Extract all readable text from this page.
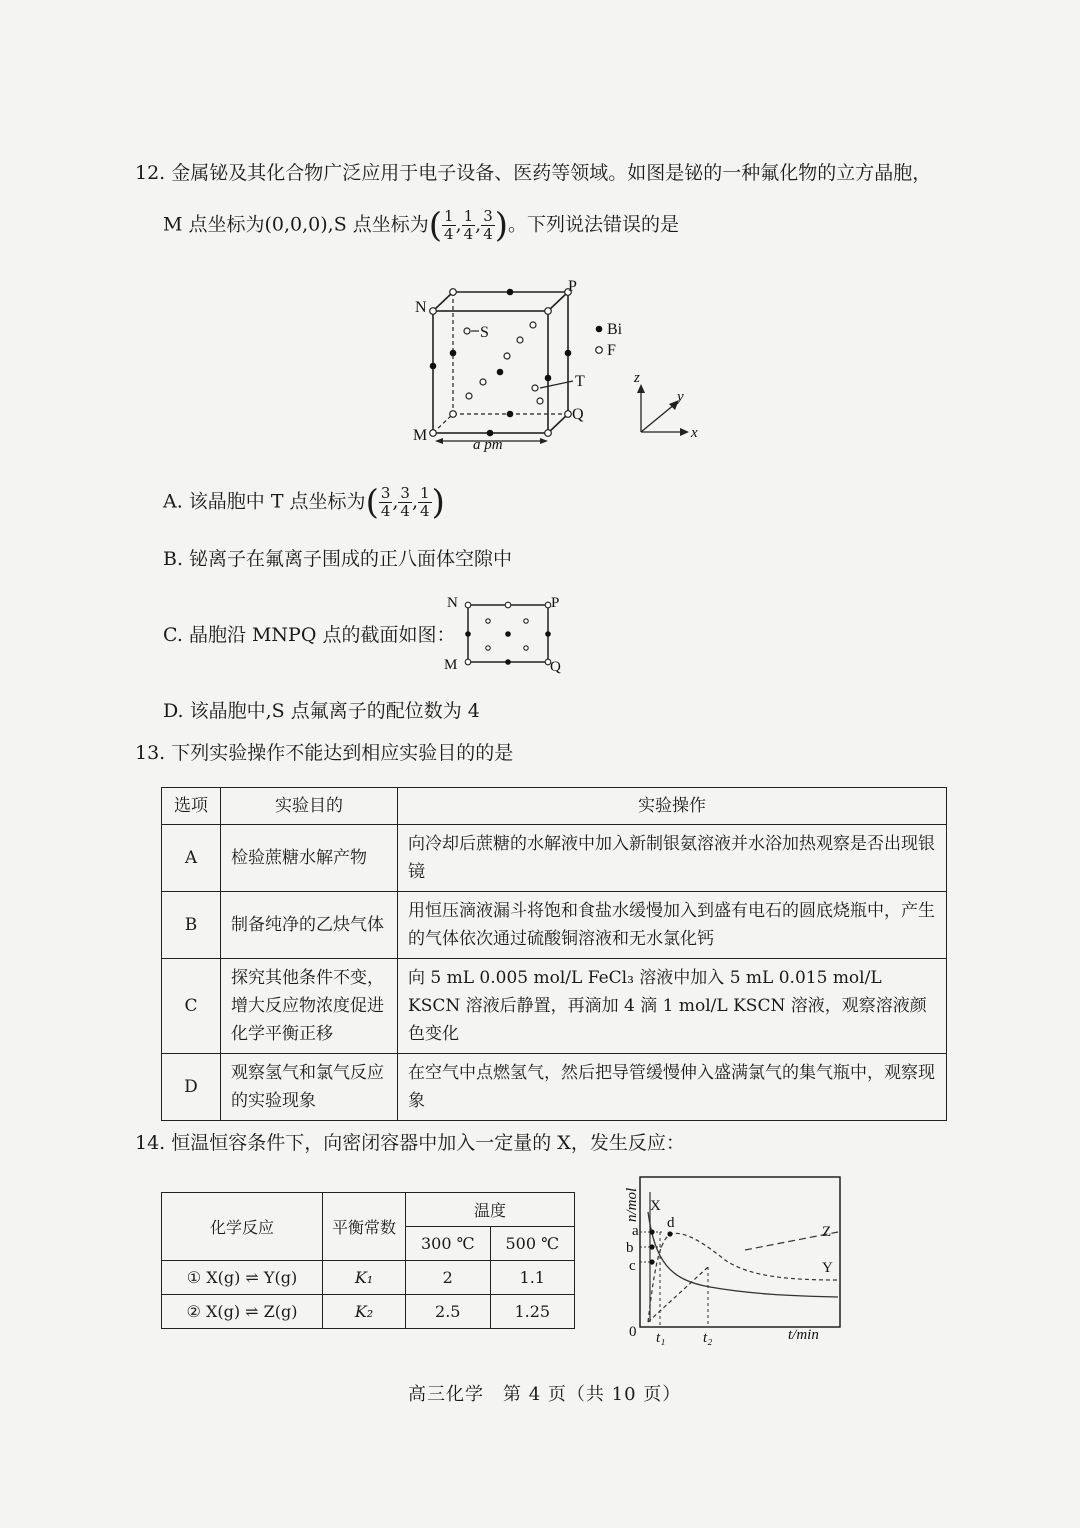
12. 金属铋及其化合物广泛应用于电子设备、医药等领域。如图是铋的一种氟化物的立方晶胞，
M 点坐标为(0,0,0),S 点坐标为( $\frac{1}{4}$ , $\frac{1}{4}$ , $\frac{3}{4}$ )。下列说法错误的是
N
P
M
Q
S
T
a pm
Bi
F
z
y
x
A. 该晶胞中 T 点坐标为( $\frac{3}{4}$ , $\frac{3}{4}$ , $\frac{1}{4}$ )
B. 铋离子在氟离子围成的正八面体空隙中
C. 晶胞沿 MNPQ 点的截面如图：
N	P
M	Q
D. 该晶胞中,S 点氟离子的配位数为 4
13. 下列实验操作不能达到相应实验目的的是
选项	实验目的	实验操作
A	检验蔗糖水解产物	向冷却后蔗糖的水解液中加入新制银氨溶液并水浴加热观察是否出现银镜
B	制备纯净的乙炔气体	用恒压滴液漏斗将饱和食盐水缓慢加入到盛有电石的圆底烧瓶中，产生的气体依次通过硫酸铜溶液和无水氯化钙
C	探究其他条件不变，增大反应物浓度促进化学平衡正移	向 5 mL 0.005 mol/L FeCl₃ 溶液中加入 5 mL 0.015 mol/L KSCN 溶液后静置，再滴加 4 滴 1 mol/L KSCN 溶液，观察溶液颜色变化
D	观察氢气和氯气反应的实验现象	在空气中点燃氢气，然后把导管缓慢伸入盛满氯气的集气瓶中，观察现象
14. 恒温恒容条件下，向密闭容器中加入一定量的 X，发生反应：
化学反应	平衡常数	温度	
		300 ℃	500 ℃
① X(g) ⇌ Y(g)	K₁	2	1.1
② X(g) ⇌ Z(g)	K₂	2.5	1.25
n/mol
t/min
0 t₁	t₂
a
b
c
d
X
Y
Z
高三化学　第 4 页（共 10 页）
